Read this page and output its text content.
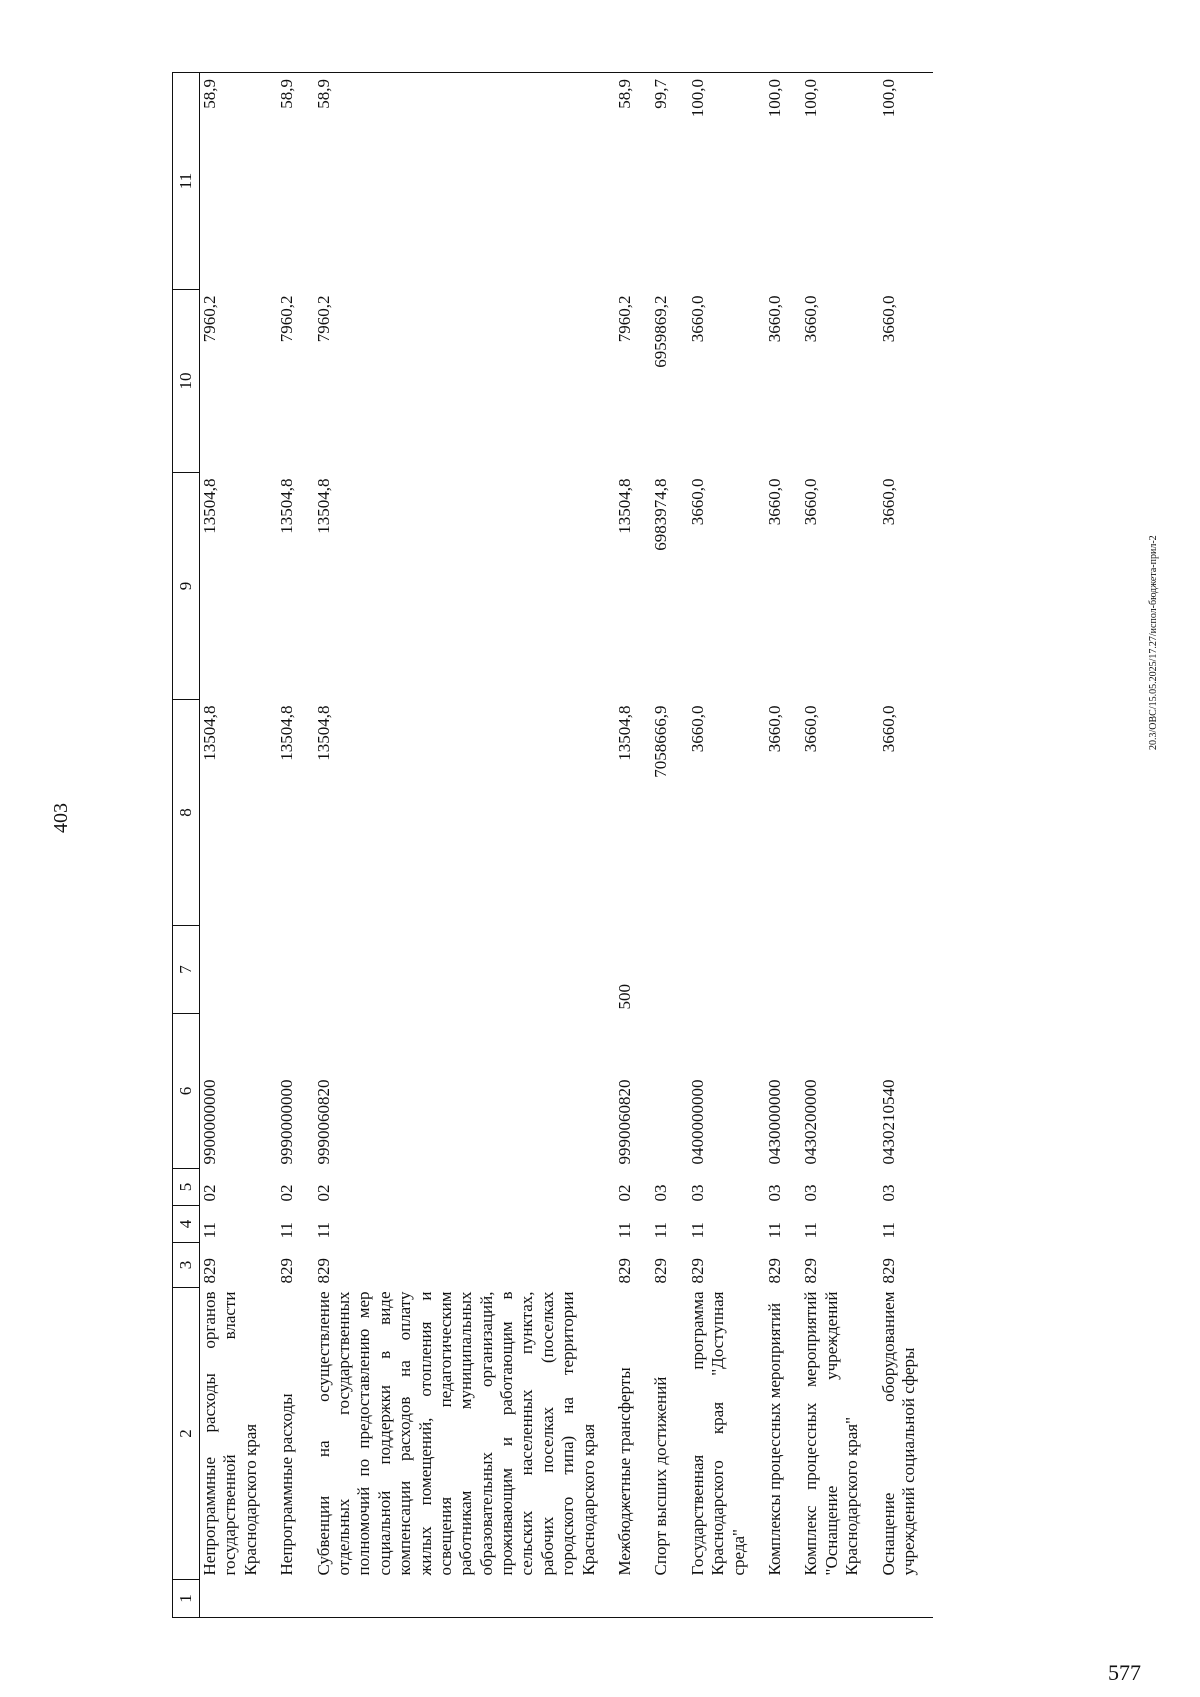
403
20.3/ОВС/15.05.2025/17.27/испол-бюджета-прил-2
577
1	2	3	4	5	6	7	8	9	10	11
	Непрограммные расходы органов государственной власти Краснодарского края	829	11	02	9900000000		13504,8	13504,8	7960,2	58,9
	Непрограммные расходы	829	11	02	9990000000		13504,8	13504,8	7960,2	58,9
	Субвенции на осуществление отдельных государственных полномочий по предоставлению мер социальной поддержки в виде компенсации расходов на оплату жилых помещений, отопления и освещения педагогическим работникам муниципальных образовательных организаций, проживающим и работающим в сельских населенных пунктах, рабочих поселках (поселках городского типа) на территории Краснодарского края	829	11	02	9990060820		13504,8	13504,8	7960,2	58,9
	Межбюджетные трансферты	829	11	02	9990060820	500	13504,8	13504,8	7960,2	58,9
	Спорт высших достижений	829	11	03			7058666,9	6983974,8	6959869,2	99,7
	Государственная программа Краснодарского края "Доступная среда"	829	11	03	0400000000		3660,0	3660,0	3660,0	100,0
	Комплексы процессных мероприятий	829	11	03	0430000000		3660,0	3660,0	3660,0	100,0
	Комплекс процессных мероприятий "Оснащение учреждений Краснодарского края"	829	11	03	0430200000		3660,0	3660,0	3660,0	100,0
	Оснащение оборудованием учреждений социальной сферы	829	11	03	0430210540		3660,0	3660,0	3660,0	100,0
